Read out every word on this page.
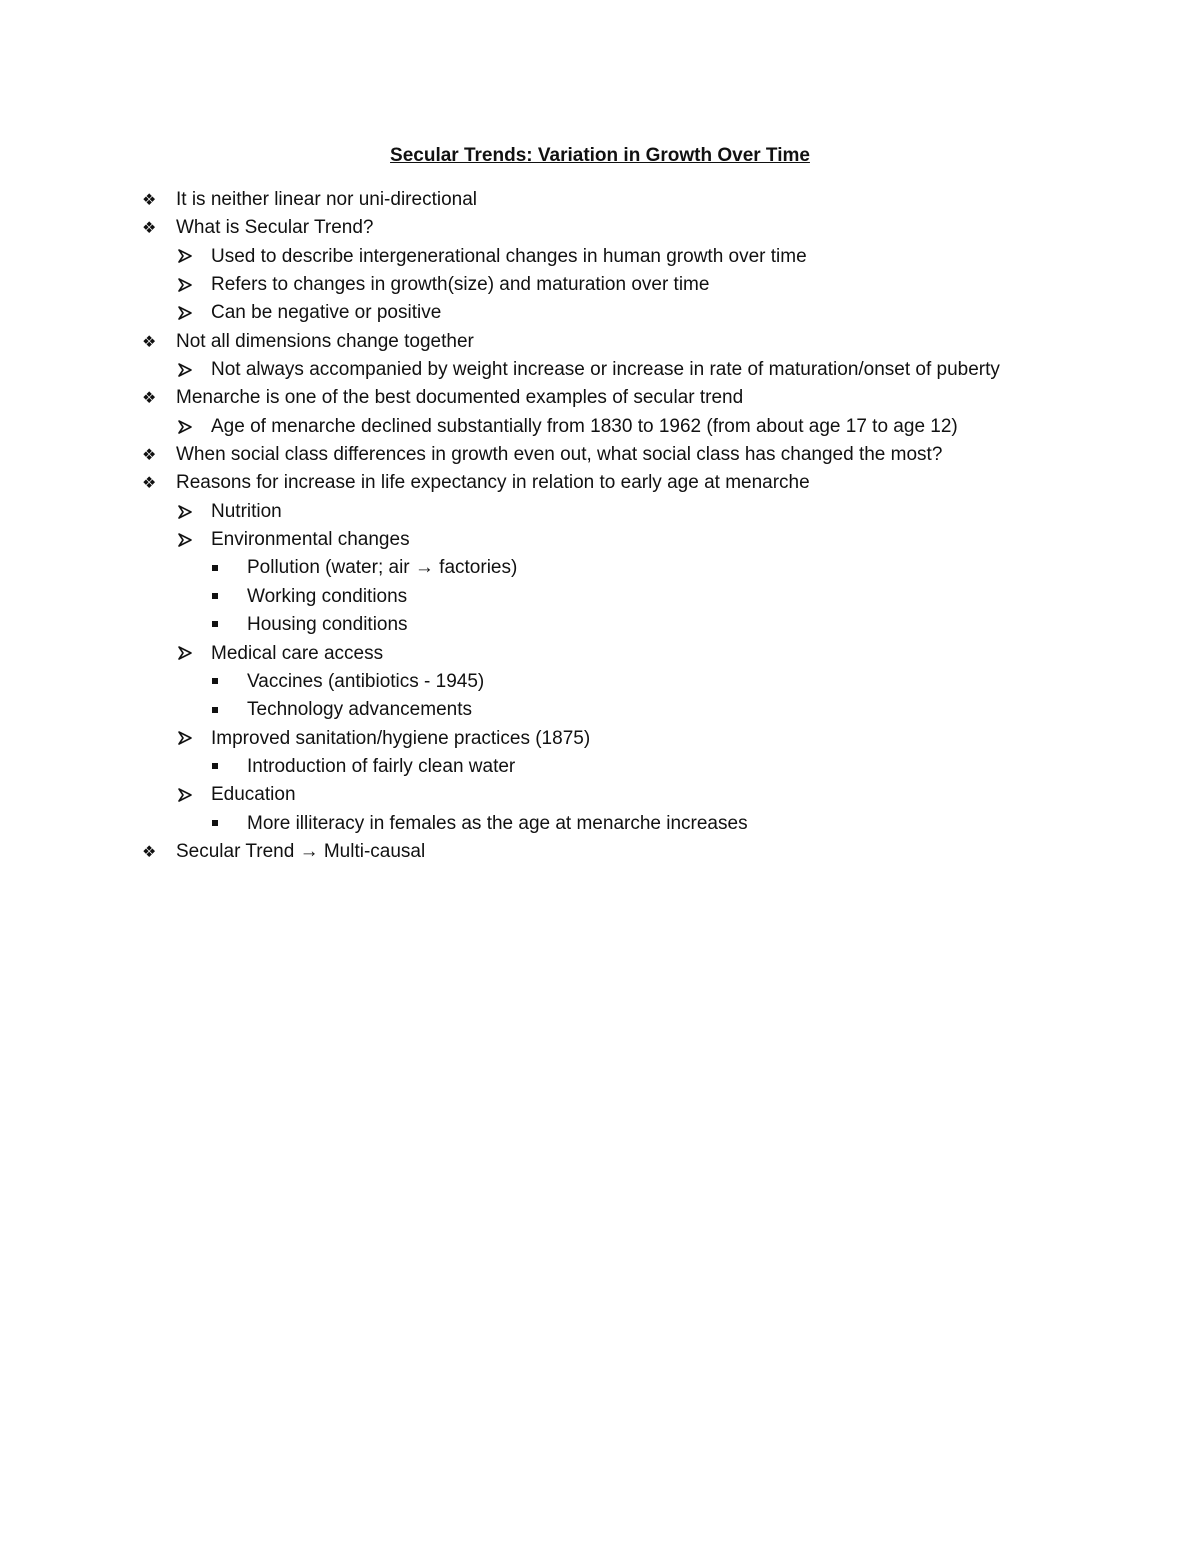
Secular Trends: Variation in Growth Over Time
❖	It is neither linear nor uni-directional
❖	What is Secular Trend?
Used to describe intergenerational changes in human growth over time
Refers to changes in growth(size) and maturation over time
Can be negative or positive
❖	Not all dimensions change together
Not always accompanied by weight increase or increase in rate of maturation/onset of puberty
❖	Menarche is one of the best documented examples of secular trend
Age of menarche declined substantially from 1830 to 1962 (from about age 17 to age 12)
❖	When social class differences in growth even out, what social class has changed the most?
❖	Reasons for increase in life expectancy in relation to early age at menarche
Nutrition
Environmental changes
Pollution (water; air → factories)
Working conditions
Housing conditions
Medical care access
Vaccines (antibiotics - 1945)
Technology advancements
Improved sanitation/hygiene practices (1875)
Introduction of fairly clean water
Education
More illiteracy in females as the age at menarche increases
❖	Secular Trend → Multi-causal
